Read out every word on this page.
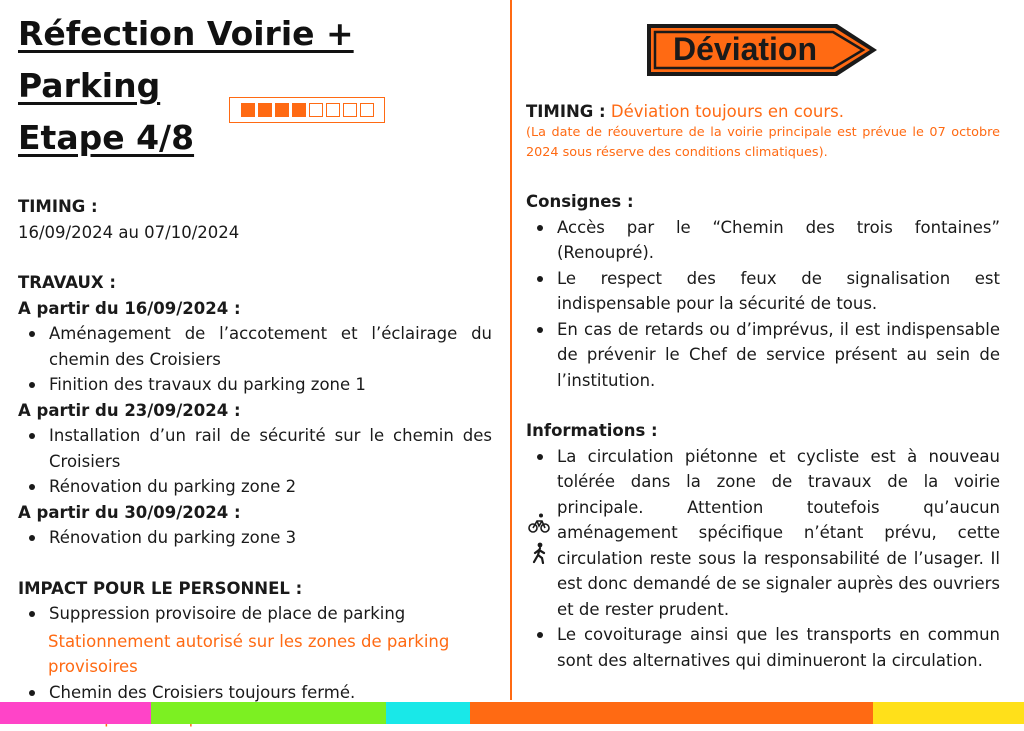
Réfection Voirie + Parking
Etape 4/8
TIMING :
16/09/2024 au 07/10/2024
TRAVAUX :
A partir du 16/09/2024 :
Aménagement de l’accotement et l’éclairage du chemin des Croisiers
Finition des travaux du parking zone 1
A partir du 23/09/2024 :
Installation d’un rail de sécurité sur le chemin des Croisiers
Rénovation du parking zone 2
A partir du 30/09/2024 :
Rénovation du parking zone 3
IMPACT POUR LE PERSONNEL :
Suppression provisoire de place de parking
Stationnement autorisé sur les zones de parking provisoires
Chemin des Croisiers toujours fermé.
Déviation
TIMING : Déviation toujours en cours.
(La date de réouverture de la voirie principale est prévue le 07 octobre 2024 sous réserve des conditions climatiques).
Consignes :
Accès par le “Chemin des trois fontaines” (Renoupré).
Le respect des feux de signalisation est indispensable pour la sécurité de tous.
En cas de retards ou d’imprévus, il est indispensable de prévenir le Chef de service présent au sein de l’institution.
Informations :
La circulation piétonne et cycliste est à nouveau tolérée dans la zone de travaux de la voirie principale. Attention toutefois qu’aucun aménagement spécifique n’étant prévu, cette circulation reste sous la responsabilité de l’usager. Il est donc demandé de se signaler auprès des ouvriers et de rester prudent.
Le covoiturage ainsi que les transports en commun sont des alternatives qui diminueront la circulation.
